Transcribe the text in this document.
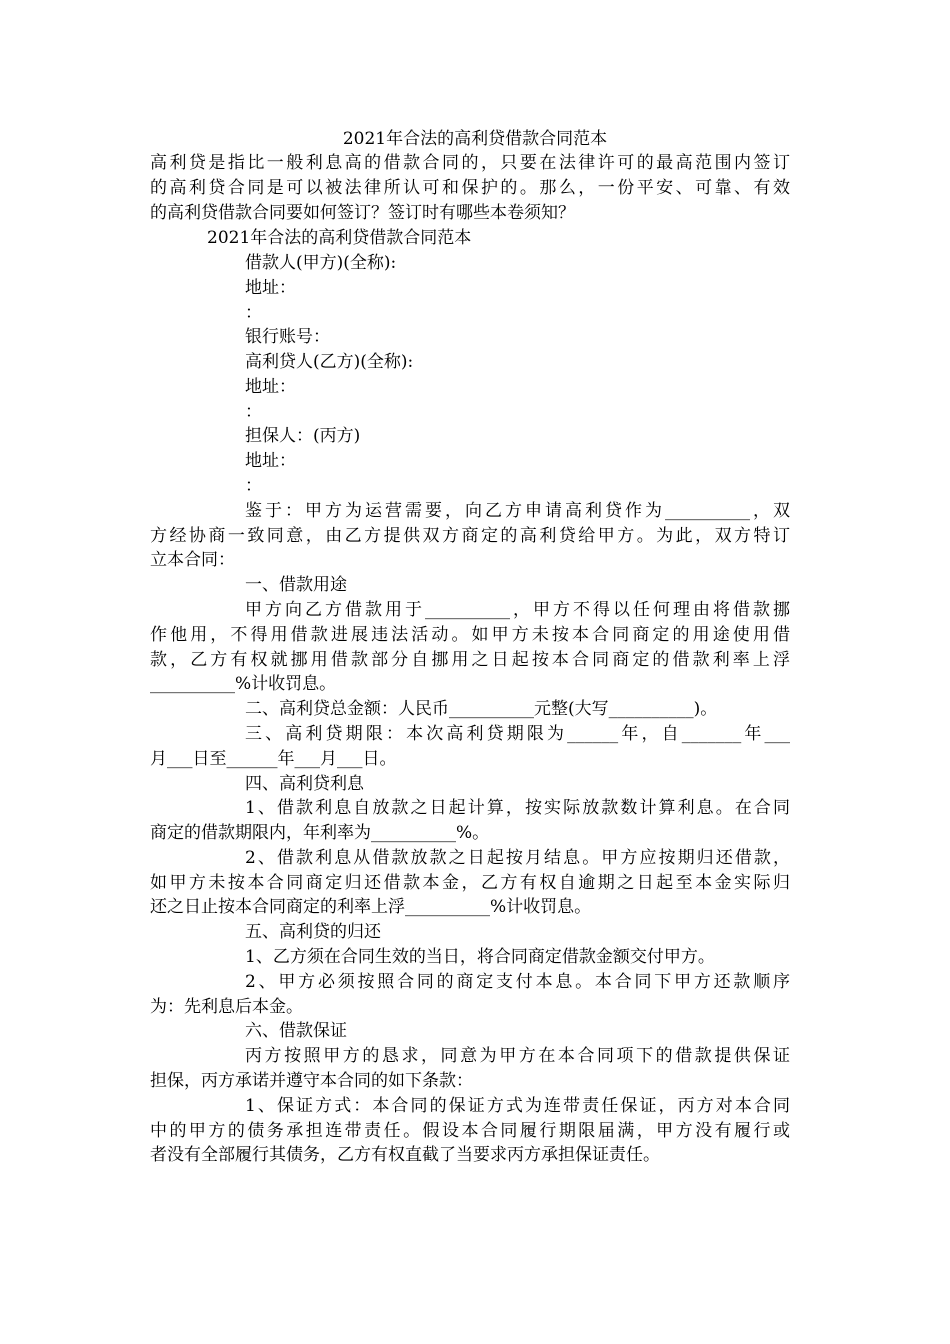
2021年合法的高利贷借款合同范本
高利贷是指比一般利息高的借款合同的，只要在法律许可的最高范围内签订
的高利贷合同是可以被法律所认可和保护的。那么，一份平安、可靠、有效
的高利贷借款合同要如何签订？签订时有哪些本卷须知？
2021年合法的高利贷借款合同范本
借款人(甲方)(全称):
地址：
：
银行账号：
高利贷人(乙方)(全称):
地址：
：
担保人：(丙方)
地址：
：
鉴于：甲方为运营需要，向乙方申请高利贷作为__________，双
方经协商一致同意，由乙方提供双方商定的高利贷给甲方。为此，双方特订
立本合同：
一、借款用途
甲方向乙方借款用于__________，甲方不得以任何理由将借款挪
作他用，不得用借款进展违法活动。如甲方未按本合同商定的用途使用借
款，乙方有权就挪用借款部分自挪用之日起按本合同商定的借款利率上浮
__________%计收罚息。
二、高利贷总金额：人民币__________元整(大写__________)。
三、高利贷期限：本次高利贷期限为______年，自_______年___
月___日至______年___月___日。
四、高利贷利息
1、借款利息自放款之日起计算，按实际放款数计算利息。在合同
商定的借款期限内，年利率为__________%。
2、借款利息从借款放款之日起按月结息。甲方应按期归还借款，
如甲方未按本合同商定归还借款本金，乙方有权自逾期之日起至本金实际归
还之日止按本合同商定的利率上浮__________%计收罚息。
五、高利贷的归还
1、乙方须在合同生效的当日，将合同商定借款金额交付甲方。
2、甲方必须按照合同的商定支付本息。本合同下甲方还款顺序
为：先利息后本金。
六、借款保证
丙方按照甲方的恳求，同意为甲方在本合同项下的借款提供保证
担保，丙方承诺并遵守本合同的如下条款：
1、保证方式：本合同的保证方式为连带责任保证，丙方对本合同
中的甲方的债务承担连带责任。假设本合同履行期限届满，甲方没有履行或
者没有全部履行其债务，乙方有权直截了当要求丙方承担保证责任。
